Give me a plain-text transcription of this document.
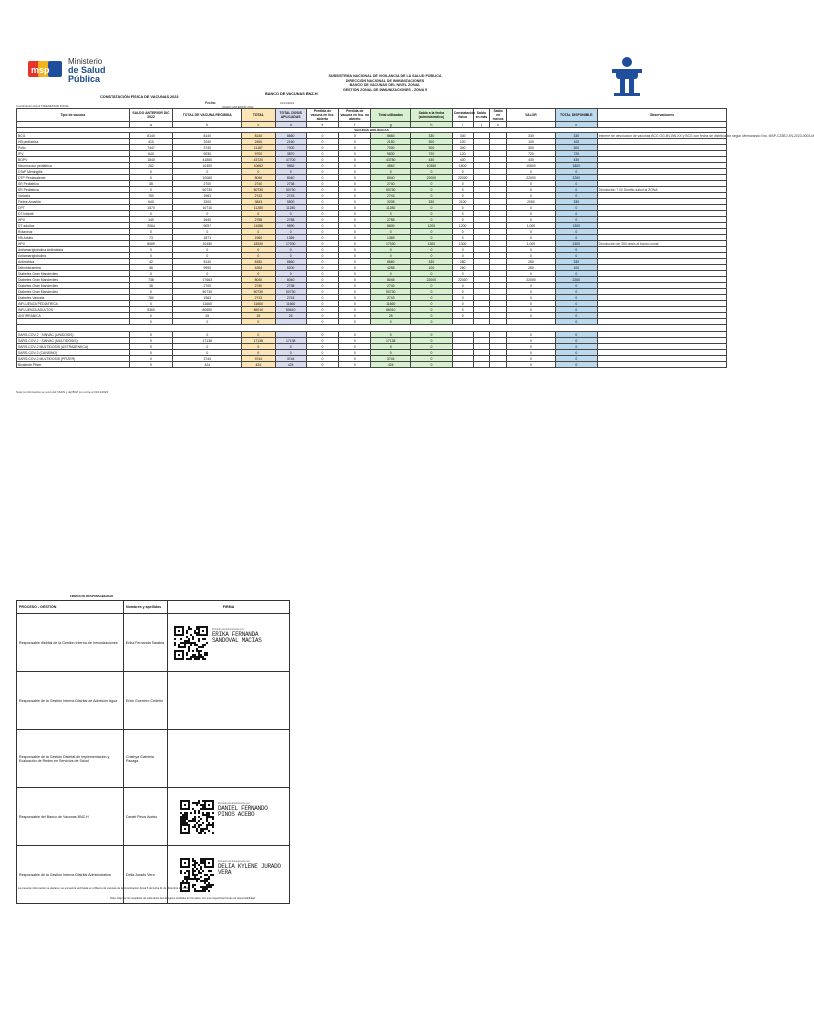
msp
Ministerio
de Salud Pública	SUBSISTEMA NACIONAL DE VIGILANCIA DE LA SALUD PÚBLICA
DIRECCIÓN NACIONAL DE INMUNIZACIONES
BANCO DE VACUNAS DEL NIVEL ZONAL
GESTIÓN ZONAL DE INMUNIZACIONES - ZONA 5
CONSTATACIÓN FÍSICA DE VACUNAS 2023
BANCO DE VACUNAS BNZ-H
Coordinación Zonal 5 BIENESTAR ZONAL
Fecha:	31/12/2023
SALDO ANTERIOR 2022
Tipo de vacuna	SALDO ANTERIOR DIC 2022	TOTAL DE VACUNA RECIBIDA	TOTAL	TOTAL DOSIS APLICADAS	Pérdida de vacuna en fco. abierto	Pérdida de vacuna en fco. no abierto	Total utilizadas	Saldo a la fecha (administrativo)	Constatación física	Saldo en más	Saldo en menos	VALOR	TOTAL DISPONIBLE	Observaciones
	a	b	c	d	e	f	g	h	i	j	k		n	
VACUNAS BIOLÓGICAS														
BCG	8140	8140	8140	8660	0	0	8660	330	330			330	330	Informe de devolución de vacunas BCG GG-BV-BN-XX y BCG con fecha de distribución según Memorando Nro. MSP-CZ5EJ ZN-2023-0003-M
HB pediátrica	410	2040	2450	2150	0	0	2150	300	100			100	100	
Polio	7447	3740	11187	7000	0	0	7000	300	300			300	300	
IPV	640	9030	9700	3870	0	0	9830	720	120			720	720	
BOPV	1840	41860	43720	47700	0	0	43780	430	430			430	430	
Neumococo pediátrica	262	10400	10662	9852	0	0	4862	10360	1800			10800	1800	
DTaP Meningitis	0	0	0	0	0	0	0	0	0			0	0	
DTP Pentavalente	0	10060	8040	8040	0	0	8040	22000	22020			22000	2260	
SR Pediátrica	38	2700	2740	2738	0	0	2740	0	0			0	0	
SR Pediátrica	0	50730	50730	50730	0	0	50730	0	0			0	0	Devolución 7.00 Distrito-salud al ZONA
Varicela	780	1963	2743	2743	0	0	2743	0	0			0	0	
Fiebre Amarilla	640	3200	3843	5800	0	0	3208	330	2100			2060	330	
DPT	1570	10710	11280	11280	0	0	11280	0	0			0	0	
DT Infantil	0	0	0	0	0	0	0	0	0			0	0	
HPV	140	2640	2758	2758	0	0	2758	0	0			0	0	
DT adultos	2064	9097	11086	9890	0	0	8600	1200	1200			1,000	1300	
Rotavirus	0	0	0	0	0	0	0	0	0			0	0	
HB Adulto	73	1871	1960	1369	0	0	1369	0	0			0	0	
HPV	8069	10450	18330	17030	0	0	17030	1300	1300			1,000	1300	Devolución de 300 dosis al banco zonal
Antiamaríglobulina Antirrábica	0	0	0	0	0	0	0	0	0			0	0	
Antiamaríglobulina	0	0	0	0	0	0	0	0	0			0	0	
Antirrábica	42	8140	8182	8660	0	0	8660	330	280			280	330	
Difenhidramina	56	9990	4354	5200	0	0	4258	100	280			280	100	
Diabetes Gran Mandeviles	0	0	0	0	0	0	0	0	0			0	0	
Diabetes Gran Mandeviles	738	17663	8040	8040	0	0	8045	22000	22020			22000	2260	
Diabetes Gran Mandeviles	38	2700	2740	2738	0	0	2740	0	0			0	0	
Diabetes Gran Mandeviles	0	50730	50730	50730	0	0	50730	0	0			0	0	
Diabetes Varicela	780	1963	2743	2743	0	0	2743	0	0			0	0	
INFLUENZA PEDIÁTRICA	0	11660	11660	11660	0	0	11660	0	0			0	0	
INFLUENZA ADULTOS	5360	80650	86010	85610	0	0	86010	0	0			0	0	
ANTIRRÁBICA	0	25	25	25	0	0	25	0	0			0	0	
	0	0	0		0	0	0	0					0	

SARS-COV-2 · SINVAC (UNIDOSIS)	0	0	0		0	0	0	0				0	0	
SARS-COV-2 · SINVAC (MULTIDOSIS)	0	17138	17138	17138	0	0	17138	0				0	0	
SARS-COV-2 MULTIDOSIS (ASTRAZENECA)	0	0	0	0	0	0	0	0				0	0	
SARS-COV-2 (CANSINO)	0	0	0	0	0	0	0	0				0	0	
SARS-COV-2 MULTIDOSIS (PFIZER)	0	3744	3744	3744	0	0	3744	0				0	0	
Bivalente Pfizer	0	424	424	424	0	0	424	0				0	0	
Nota: la información se tomó del SIVAN y del BNZ con corte al 31/12/2023
FIRMAS DE RESPONSABILIDAD
PROCESO - GESTIÓN	Nombres y apellidos	FIRMA
Responsable distrital de la Gestión Interna de Inmunizaciones	Erika Fernanda Sarabia	Firmado electrónicamente por:
ERIKA FERNANDA
SANDOVAL MACIAS

Responsable de la Gestión Interna Distrital de Admisión Agua	Erick Guerrero Cedeño	
Responsable de la Gestión Distrital de Implementación y Evaluación de Redes en Servicios de Salud	Cristhya Gabriela Pazaga	
Responsable del Banco de Vacunas BNZ-H	Daniel Pinos Acebo	Firmado electrónicamente por:
DANIEL FERNANDO
PINOS ACEBO

Responsable de la Gestión Interna Distrital Administrativa	Delia Jurado Vera	Firmado electrónicamente por:
DELIA KYLENE JURADO
VERA
La presente información se declara y se encuentra archivada en el Banco de vacunas de la Coordinación Zonal 5 de fecha 31 de diciembre de 2023
Nota: Adjuntar los respaldos de cada dosis de biológicos recibidos en formatos, con sus respectivas firmas de responsabilidad
